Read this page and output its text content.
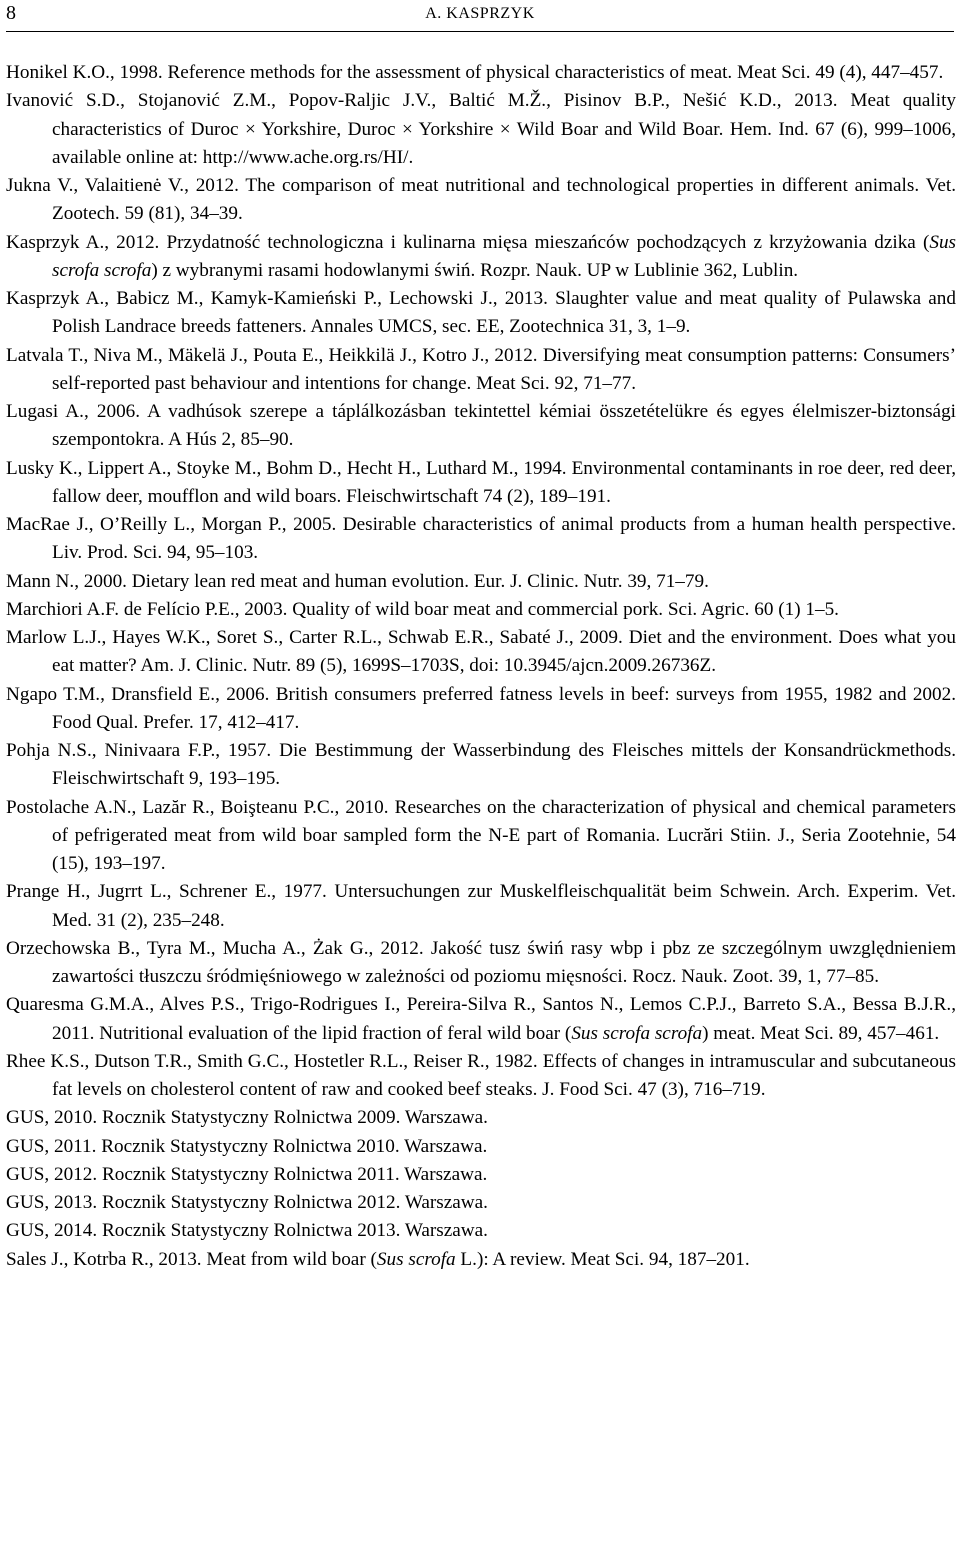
8	A. KASPRZYK
Honikel K.O., 1998. Reference methods for the assessment of physical characteristics of meat. Meat Sci. 49 (4), 447–457.
Ivanović S.D., Stojanović Z.M., Popov-Raljic J.V., Baltić M.Ž., Pisinov B.P., Nešić K.D., 2013. Meat quality characteristics of Duroc × Yorkshire, Duroc × Yorkshire × Wild Boar and Wild Boar. Hem. Ind. 67 (6), 999–1006, available online at: http://www.ache.org.rs/HI/.
Jukna V., Valaitienė V., 2012. The comparison of meat nutritional and technological properties in different animals. Vet. Zootech. 59 (81), 34–39.
Kasprzyk A., 2012. Przydatność technologiczna i kulinarna mięsa mieszańców pochodzących z krzyżowania dzika (Sus scrofa scrofa) z wybranymi rasami hodowlanymi świń. Rozpr. Nauk. UP w Lublinie 362, Lublin.
Kasprzyk A., Babicz M., Kamyk-Kamieński P., Lechowski J., 2013. Slaughter value and meat quality of Pulawska and Polish Landrace breeds fatteners. Annales UMCS, sec. EE, Zootechnica 31, 3, 1–9.
Latvala T., Niva M., Mäkelä J., Pouta E., Heikkilä J., Kotro J., 2012. Diversifying meat consumption patterns: Consumers’ self-reported past behaviour and intentions for change. Meat Sci. 92, 71–77.
Lugasi A., 2006. A vadhúsok szerepe a táplálkozásban tekintettel kémiai összetételükre és egyes élelmiszer-biztonsági szempontokra. A Hús 2, 85–90.
Lusky K., Lippert A., Stoyke M., Bohm D., Hecht H., Luthard M., 1994. Environmental contaminants in roe deer, red deer, fallow deer, moufflon and wild boars. Fleischwirtschaft 74 (2), 189–191.
MacRae J., O’Reilly L., Morgan P., 2005. Desirable characteristics of animal products from a human health perspective. Liv. Prod. Sci. 94, 95–103.
Mann N., 2000. Dietary lean red meat and human evolution. Eur. J. Clinic. Nutr. 39, 71–79.
Marchiori A.F. de Felício P.E., 2003. Quality of wild boar meat and commercial pork. Sci. Agric. 60 (1) 1–5.
Marlow L.J., Hayes W.K., Soret S., Carter R.L., Schwab E.R., Sabaté J., 2009. Diet and the environment. Does what you eat matter? Am. J. Clinic. Nutr. 89 (5), 1699S–1703S, doi: 10.3945/ajcn.2009.26736Z.
Ngapo T.M., Dransfield E., 2006. British consumers preferred fatness levels in beef: surveys from 1955, 1982 and 2002. Food Qual. Prefer. 17, 412–417.
Pohja N.S., Ninivaara F.P., 1957. Die Bestimmung der Wasserbindung des Fleisches mittels der Konsandrückmethods. Fleischwirtschaft 9, 193–195.
Postolache A.N., Lazăr R., Boişteanu P.C., 2010. Researches on the characterization of physical and chemical parameters of pefrigerated meat from wild boar sampled form the N-E part of Romania. Lucrări Stiin. J., Seria Zootehnie, 54 (15), 193–197.
Prange H., Jugrrt L., Schrener E., 1977. Untersuchungen zur Muskelfleischqualität beim Schwein. Arch. Experim. Vet. Med. 31 (2), 235–248.
Orzechowska B., Tyra M., Mucha A., Żak G., 2012. Jakość tusz świń rasy wbp i pbz ze szczególnym uwzględnieniem zawartości tłuszczu śródmięśniowego w zależności od poziomu mięsności. Rocz. Nauk. Zoot. 39, 1, 77–85.
Quaresma G.M.A., Alves P.S., Trigo-Rodrigues I., Pereira-Silva R., Santos N., Lemos C.P.J., Barreto S.A., Bessa B.J.R., 2011. Nutritional evaluation of the lipid fraction of feral wild boar (Sus scrofa scrofa) meat. Meat Sci. 89, 457–461.
Rhee K.S., Dutson T.R., Smith G.C., Hostetler R.L., Reiser R., 1982. Effects of changes in intramuscular and subcutaneous fat levels on cholesterol content of raw and cooked beef steaks. J. Food Sci. 47 (3), 716–719.
GUS, 2010. Rocznik Statystyczny Rolnictwa 2009. Warszawa.
GUS, 2011. Rocznik Statystyczny Rolnictwa 2010. Warszawa.
GUS, 2012. Rocznik Statystyczny Rolnictwa 2011. Warszawa.
GUS, 2013. Rocznik Statystyczny Rolnictwa 2012. Warszawa.
GUS, 2014. Rocznik Statystyczny Rolnictwa 2013. Warszawa.
Sales J., Kotrba R., 2013. Meat from wild boar (Sus scrofa L.): A review. Meat Sci. 94, 187–201.
